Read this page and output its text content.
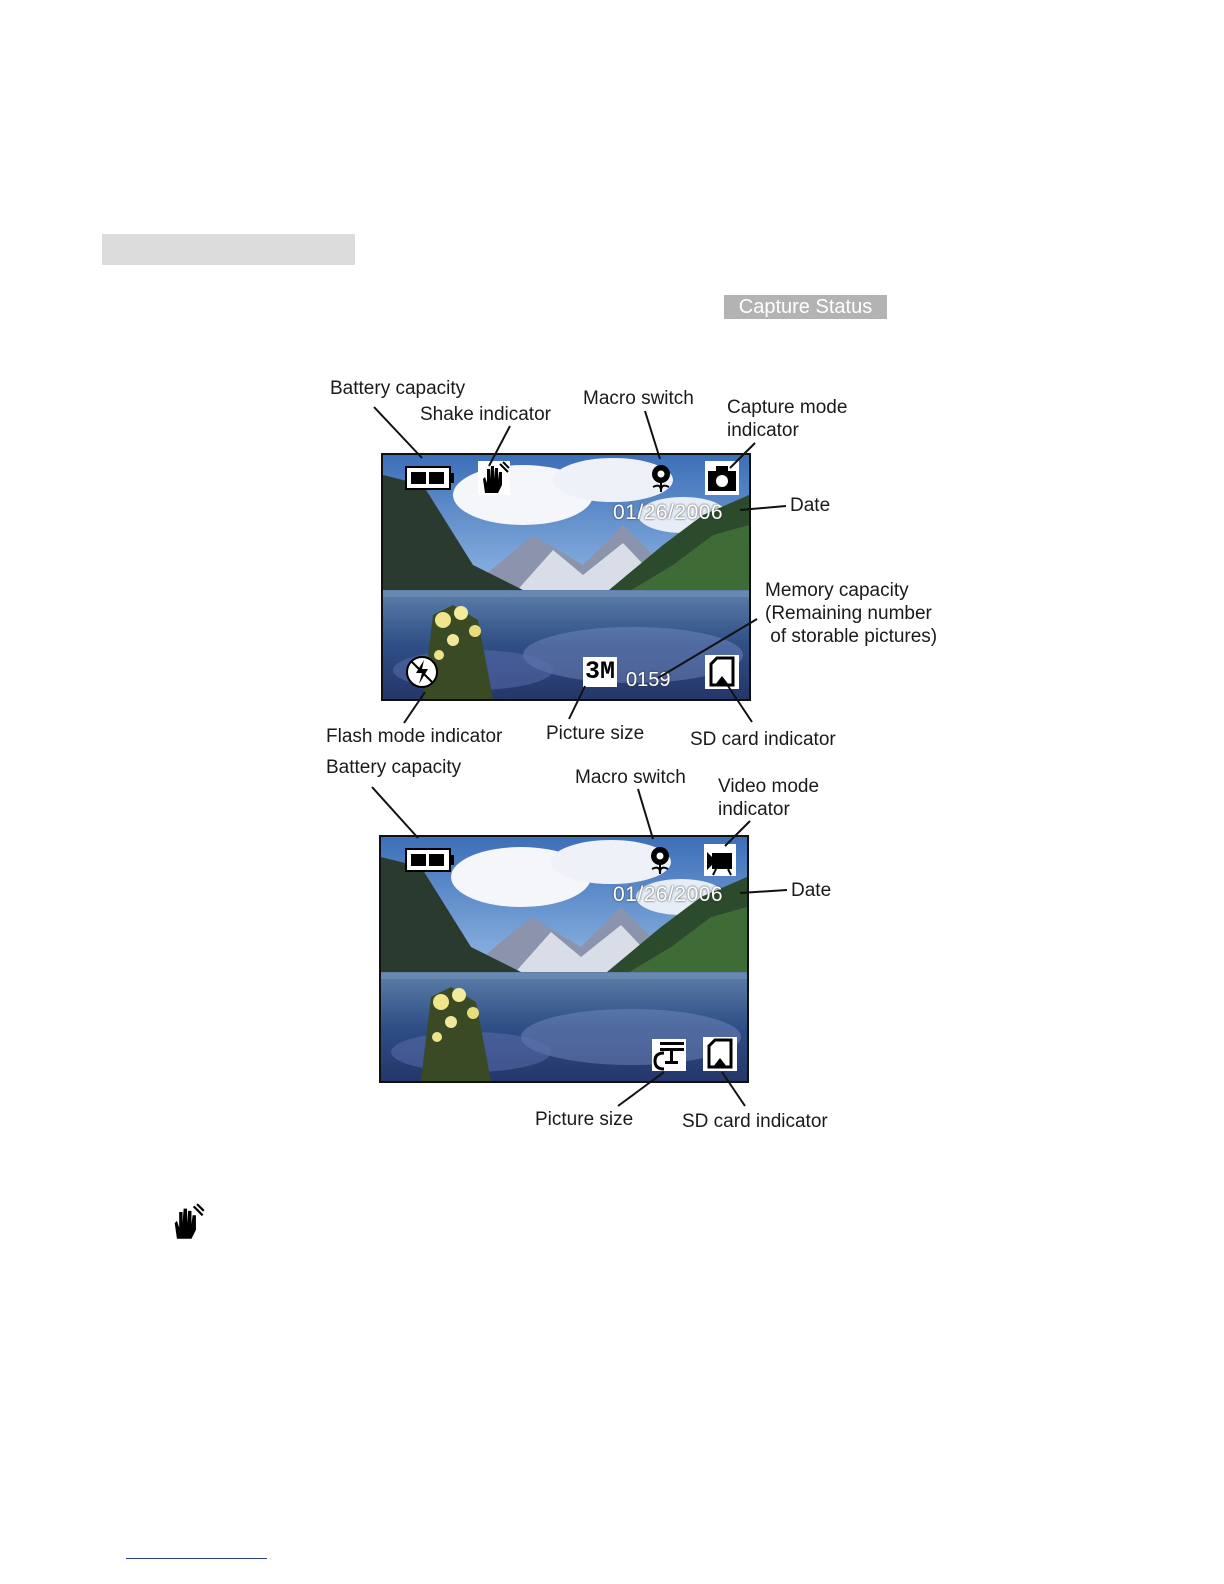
Capture Status
Battery capacity
Shake indicator
Macro switch Capture mode
indicator
Date
Memory capacity
(Remaining number
of storable pictures)
Flash mode indicator Picture size SD card indicator
01/26/2006
3M 0159
Battery capacity	Macro switch Video mode
indicator
Date
Picture size	SD card indicator
01/26/2006
